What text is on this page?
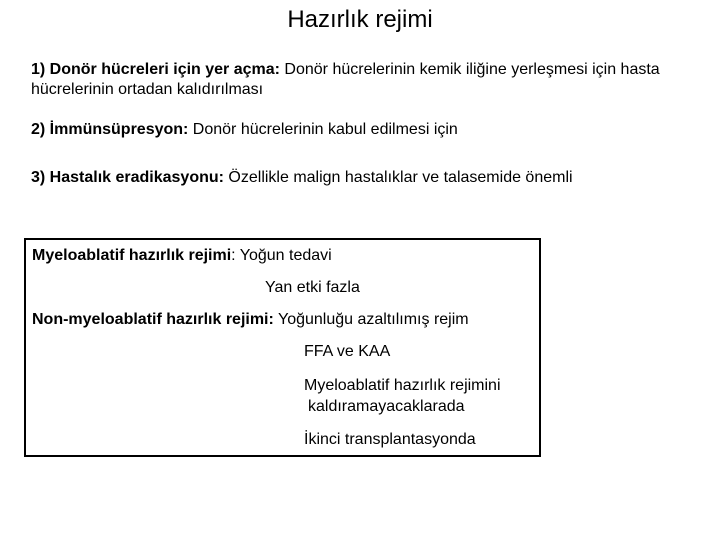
Hazırlık rejimi
1) Donör hücreleri için yer açma: Donör hücrelerinin kemik iliğine yerleşmesi için hasta hücrelerinin ortadan kalıdırılması
2) İmmünsüpresyon: Donör hücrelerinin kabul edilmesi için
3) Hastalık eradikasyonu: Özellikle malign hastalıklar ve talasemide önemli
Myeloablatif hazırlık rejimi: Yoğun tedavi
Yan etki fazla
Non-myeloablatif hazırlık rejimi: Yoğunluğu azaltılımış rejim
FFA ve KAA
Myeloablatif hazırlık rejimini
kaldıramayacaklarada
İkinci transplantasyonda
